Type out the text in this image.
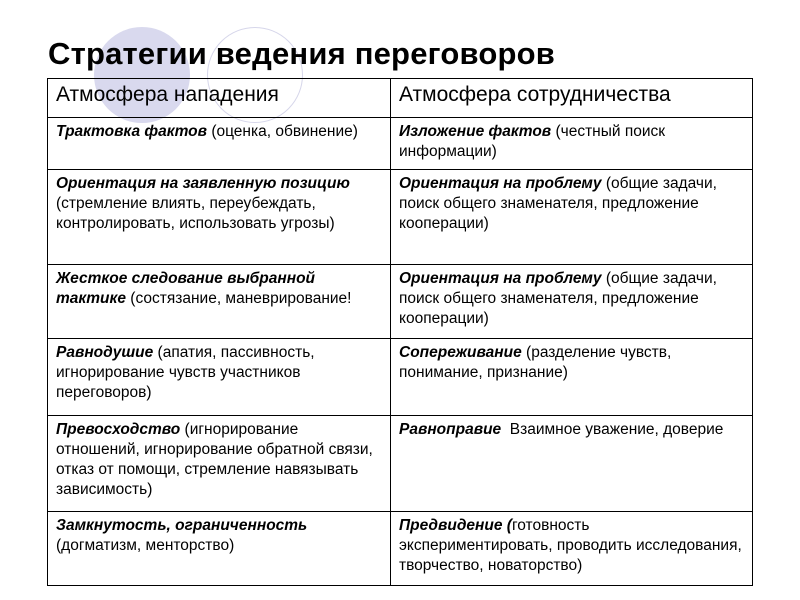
Стратегии ведения переговоров
Атмосфера нападения	Атмосфера сотрудничества
Трактовка фактов (оценка, обвинение)	Изложение фактов (честный поиск информации)
Ориентация на заявленную позицию (стремление влиять, переубеждать, контролировать, использовать угрозы)	Ориентация на проблему (общие задачи, поиск общего знаменателя, предложение кооперации)
Жесткое следование выбранной тактике (состязание, маневрирование!	Ориентация на проблему (общие задачи, поиск общего знаменателя, предложение кооперации)
Равнодушие (апатия, пассивность, игнорирование чувств участников переговоров)	Сопереживание (разделение чувств, понимание, признание)
Превосходство (игнорирование отношений, игнорирование обратной связи, отказ от помощи, стремление навязывать зависимость)	Равноправие  Взаимное уважение, доверие
Замкнутость, ограниченность (догматизм, менторство)	Предвидение (готовность экспериментировать, проводить исследования, творчество, новаторство)
